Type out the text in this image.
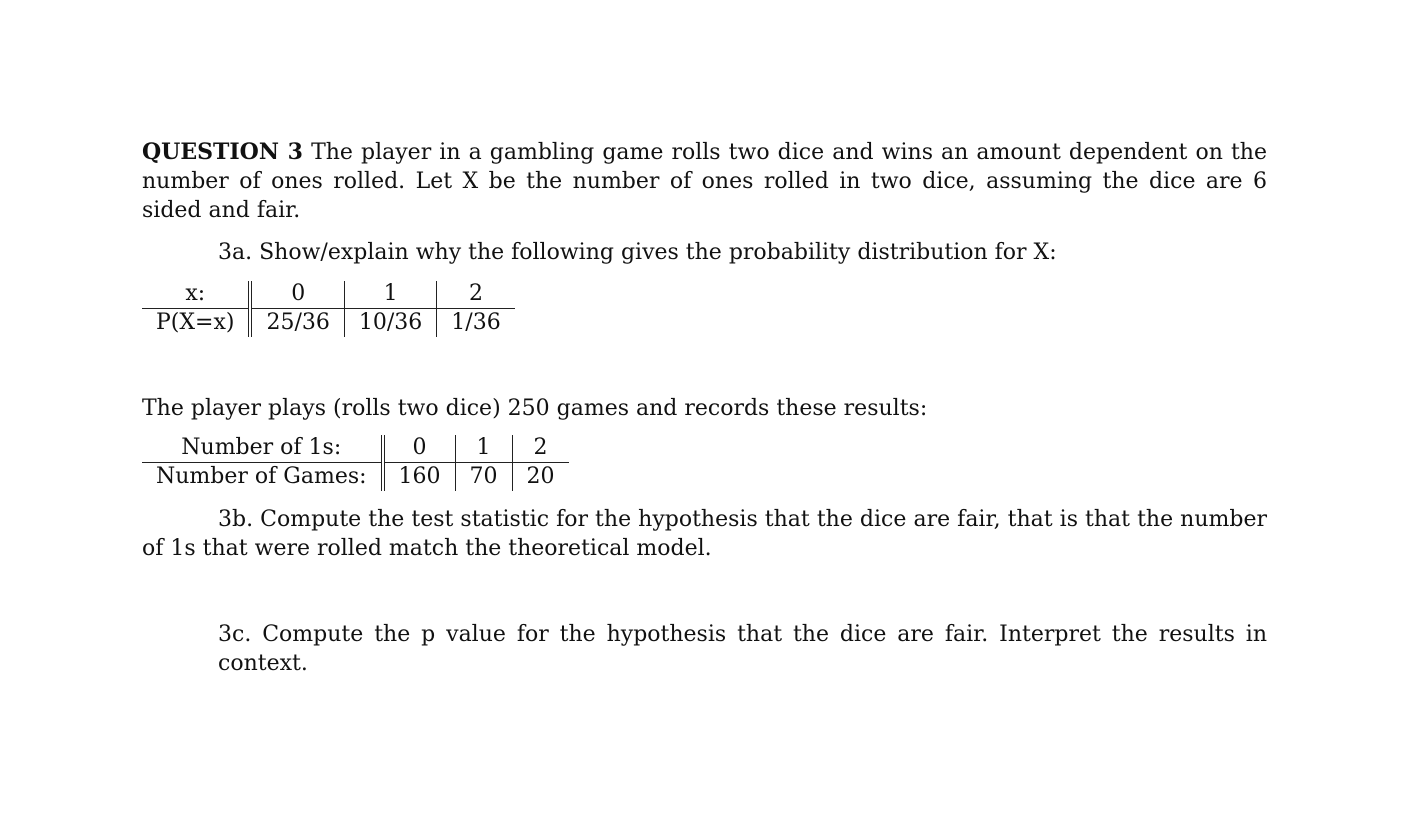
QUESTION 3 The player in a gambling game rolls two dice and wins an amount dependent on the number of ones rolled. Let X be the number of ones rolled in two dice, assuming the dice are 6 sided and fair.

3a. Show/explain why the following gives the probability distribution for X:

x:	0	1	2
P(X=x)	25/36	10/36	1/36

The player plays (rolls two dice) 250 games and records these results:

Number of 1s:	0	1	2
Number of Games:	160	70	20

3b. Compute the test statistic for the hypothesis that the dice are fair, that is that the number of 1s that were rolled match the theoretical model.

3c. Compute the p value for the hypothesis that the dice are fair. Interpret the results in context.
